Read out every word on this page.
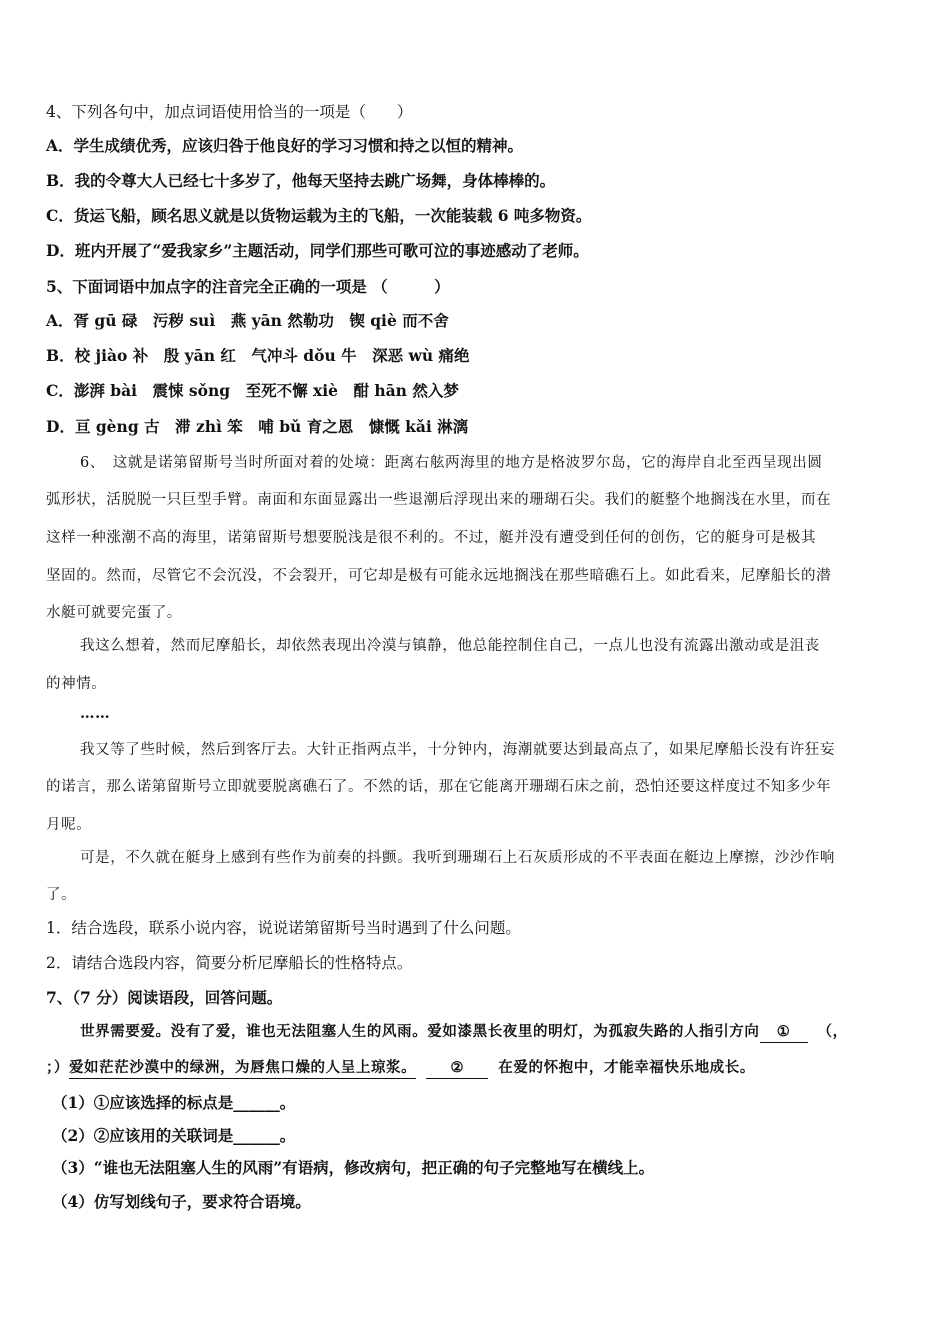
4、下列各句中，加点词语使用恰当的一项是（　　）
A．学生成绩优秀，应该归咎于他良好的学习习惯和持之以恒的精神。
B．我的令尊大人已经七十多岁了，他每天坚持去跳广场舞，身体棒棒的。
C．货运飞船，顾名思义就是以货物运载为主的飞船，一次能装载 6 吨多物资。
D．班内开展了“爱我家乡”主题活动，同学们那些可歌可泣的事迹感动了老师。
5、下面词语中加点字的注音完全正确的一项是 （　　　）
A．胥 gū 碌　污秽 suì　燕 yān 然勒功　锲 qiè 而不舍
B．校 jiào 补　殷 yān 红　气冲斗 dǒu 牛　深恶 wù 痛绝
C．澎湃 bài　震悚 sǒng　至死不懈 xiè　酣 hān 然入梦
D．亘 gèng 古　滞 zhì 笨　哺 bǔ 育之恩　慷慨 kǎi 淋漓
6、　这就是诺第留斯号当时所面对着的处境：距离右舷两海里的地方是格波罗尔岛，它的海岸自北至西呈现出圆
弧形状，活脱脱一只巨型手臂。南面和东面显露出一些退潮后浮现出来的珊瑚石尖。我们的艇整个地搁浅在水里，而在
这样一种涨潮不高的海里，诺第留斯号想要脱浅是很不利的。不过，艇并没有遭受到任何的创伤，它的艇身可是极其
坚固的。然而，尽管它不会沉没，不会裂开，可它却是极有可能永远地搁浅在那些暗礁石上。如此看来，尼摩船长的潜
水艇可就要完蛋了。
我这么想着，然而尼摩船长，却依然表现出冷漠与镇静，他总能控制住自己，一点儿也没有流露出激动或是沮丧
的神情。
……
我又等了些时候，然后到客厅去。大针正指两点半，十分钟内，海潮就要达到最高点了，如果尼摩船长没有许狂妄
的诺言，那么诺第留斯号立即就要脱离礁石了。不然的话，那在它能离开珊瑚石床之前，恐怕还要这样度过不知多少年
月呢。
可是，不久就在艇身上感到有些作为前奏的抖颤。我听到珊瑚石上石灰质形成的不平表面在艇边上摩擦，沙沙作响
了。
1．结合选段，联系小说内容，说说诺第留斯号当时遇到了什么问题。
2．请结合选段内容，简要分析尼摩船长的性格特点。
7、（7 分）阅读语段，回答问题。
世界需要爱。没有了爱，谁也无法阻塞人生的风雨。爱如漆黑长夜里的明灯，为孤寂失路的人指引方向 ① （，
；）爱如茫茫沙漠中的绿洲，为唇焦口燥的人呈上琼浆。 ② 在爱的怀抱中，才能幸福快乐地成长。
（1）①应该选择的标点是______。
（2）②应该用的关联词是______。
（3）“谁也无法阻塞人生的风雨”有语病，修改病句，把正确的句子完整地写在横线上。
（4）仿写划线句子，要求符合语境。
